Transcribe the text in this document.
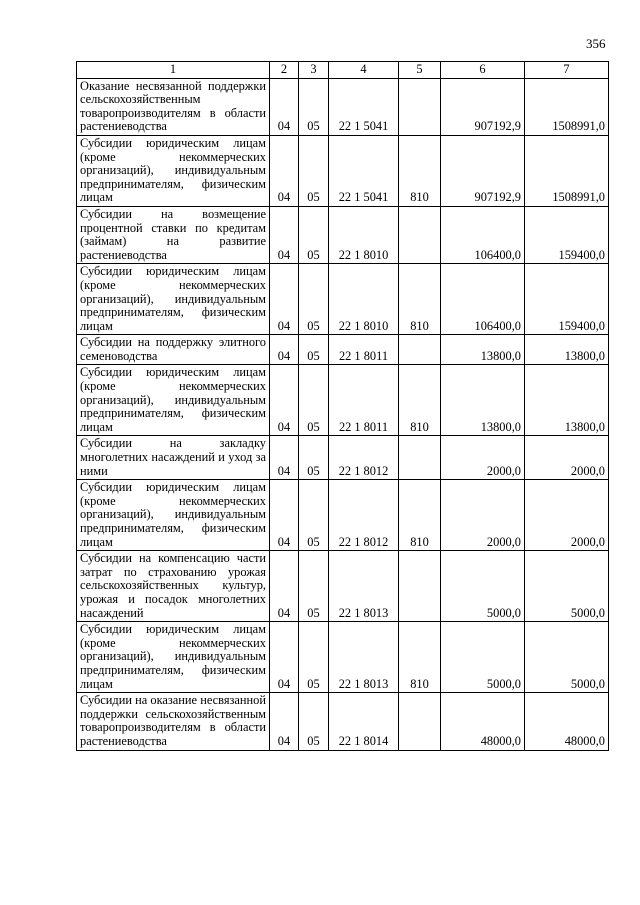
356
1	2	3	4	5	6	7
Оказание несвязанной поддержки сельскохозяйственным товаропроизводителям в области растениеводства	04	05	22 1 5041		907192,9	1508991,0
Субсидии юридическим лицам (кроме некоммерческих организаций), индивидуальным предпринимателям, физическим лицам	04	05	22 1 5041	810	907192,9	1508991,0
Субсидии на возмещение процентной ставки по кредитам (займам) на развитие растениеводства	04	05	22 1 8010		106400,0	159400,0
Субсидии юридическим лицам (кроме некоммерческих организаций), индивидуальным предпринимателям, физическим лицам	04	05	22 1 8010	810	106400,0	159400,0
Субсидии на поддержку элитного семеноводства	04	05	22 1 8011		13800,0	13800,0
Субсидии юридическим лицам (кроме некоммерческих организаций), индивидуальным предпринимателям, физическим лицам	04	05	22 1 8011	810	13800,0	13800,0
Субсидии на закладку многолетних насаждений и уход за ними	04	05	22 1 8012		2000,0	2000,0
Субсидии юридическим лицам (кроме некоммерческих организаций), индивидуальным предпринимателям, физическим лицам	04	05	22 1 8012	810	2000,0	2000,0
Субсидии на компенсацию части затрат по страхованию урожая сельскохозяйственных культур, урожая и посадок многолетних насаждений	04	05	22 1 8013		5000,0	5000,0
Субсидии юридическим лицам (кроме некоммерческих организаций), индивидуальным предпринимателям, физическим лицам	04	05	22 1 8013	810	5000,0	5000,0
Субсидии на оказание несвязанной поддержки сельскохозяйственным товаропроизводителям в области растениеводства	04	05	22 1 8014		48000,0	48000,0
